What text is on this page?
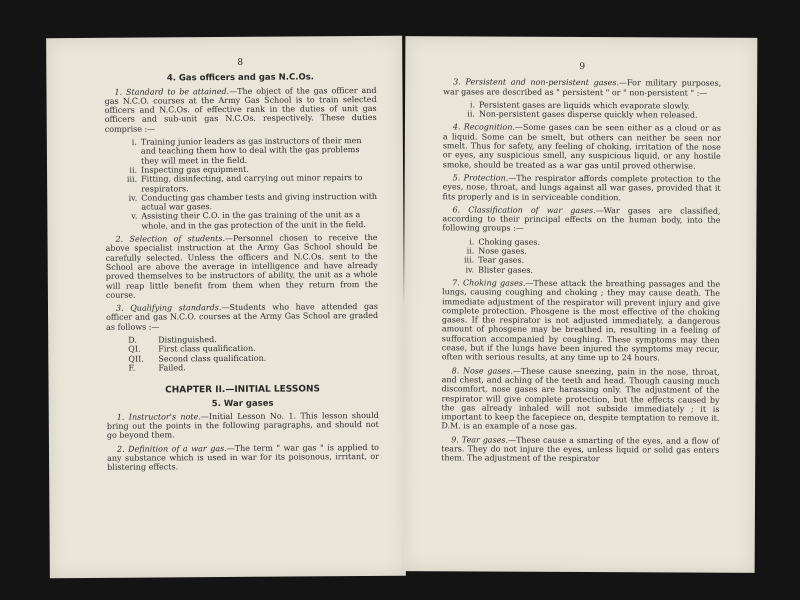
8
4. Gas officers and gas N.C.Os.

1. Standard to be attained.—The object of the gas officer and gas N.C.O. courses at the Army Gas School is to train selected officers and N.C.Os. of effective rank in the duties of unit gas officers and sub-unit gas N.C.Os. respectively. These duties comprise :—

i. Training junior leaders as gas instructors of their men and teaching them how to deal with the gas problems they will meet in the field.
ii. Inspecting gas equipment.
iii. Fitting, disinfecting, and carrying out minor repairs to respirators.
iv. Conducting gas chamber tests and giving instruction with actual war gases.
v. Assisting their C.O. in the gas training of the unit as a whole, and in the gas protection of the unit in the field.

2. Selection of students.—Personnel chosen to receive the above specialist instruction at the Army Gas School should be carefully selected. Unless the officers and N.C.Os. sent to the School are above the average in intelligence and have already proved themselves to be instructors of ability, the unit as a whole will reap little benefit from them when they return from the course.

3. Qualifying standards.—Students who have attended gas officer and gas N.C.O. courses at the Army Gas School are graded as follows :—

D.	Distinguished.
QI.	First class qualification.
QII.	Second class qualification.
F.	Failed.
CHAPTER II.—INITIAL LESSONS
5. War gases

1. Instructor's note.—Initial Lesson No. 1. This lesson should bring out the points in the following paragraphs, and should not go beyond them.

2. Definition of a war gas.—The term " war gas " is applied to any substance which is used in war for its poisonous, irritant, or blistering effects.

9

3. Persistent and non-persistent gases.—For military purposes, war gases are described as " persistent " or " non-persistent " :—

i. Persistent gases are liquids which evaporate slowly.
ii. Non-persistent gases disperse quickly when released.

4. Recognition.—Some gases can be seen either as a cloud or as a liquid. Some can be smelt, but others can neither be seen nor smelt. Thus for safety, any feeling of choking, irritation of the nose or eyes, any suspicious smell, any suspicious liquid, or any hostile smoke, should be treated as a war gas until proved otherwise.

5. Protection.—The respirator affords complete protection to the eyes, nose, throat, and lungs against all war gases, provided that it fits properly and is in serviceable condition.

6. Classification of war gases.—War gases are classified, according to their principal effects on the human body, into the following groups :—

i. Choking gases.
ii. Nose gases.
iii. Tear gases.
iv. Blister gases.

7. Choking gases.—These attack the breathing passages and the lungs, causing coughing and choking ; they may cause death. The immediate adjustment of the respirator will prevent injury and give complete protection. Phosgene is the most effective of the choking gases. If the respirator is not adjusted immediately, a dangerous amount of phosgene may be breathed in, resulting in a feeling of suffocation accompanied by coughing. These symptoms may then cease, but if the lungs have been injured the symptoms may recur, often with serious results, at any time up to 24 hours.

8. Nose gases.—These cause sneezing, pain in the nose, throat, and chest, and aching of the teeth and head. Though causing much discomfort, nose gases are harassing only. The adjustment of the respirator will give complete protection, but the effects caused by the gas already inhaled will not subside immediately ; it is important to keep the facepiece on, despite temptation to remove it. D.M. is an example of a nose gas.

9. Tear gases.—These cause a smarting of the eyes, and a flow of tears. They do not injure the eyes, unless liquid or solid gas enters them. The adjustment of the respirator
